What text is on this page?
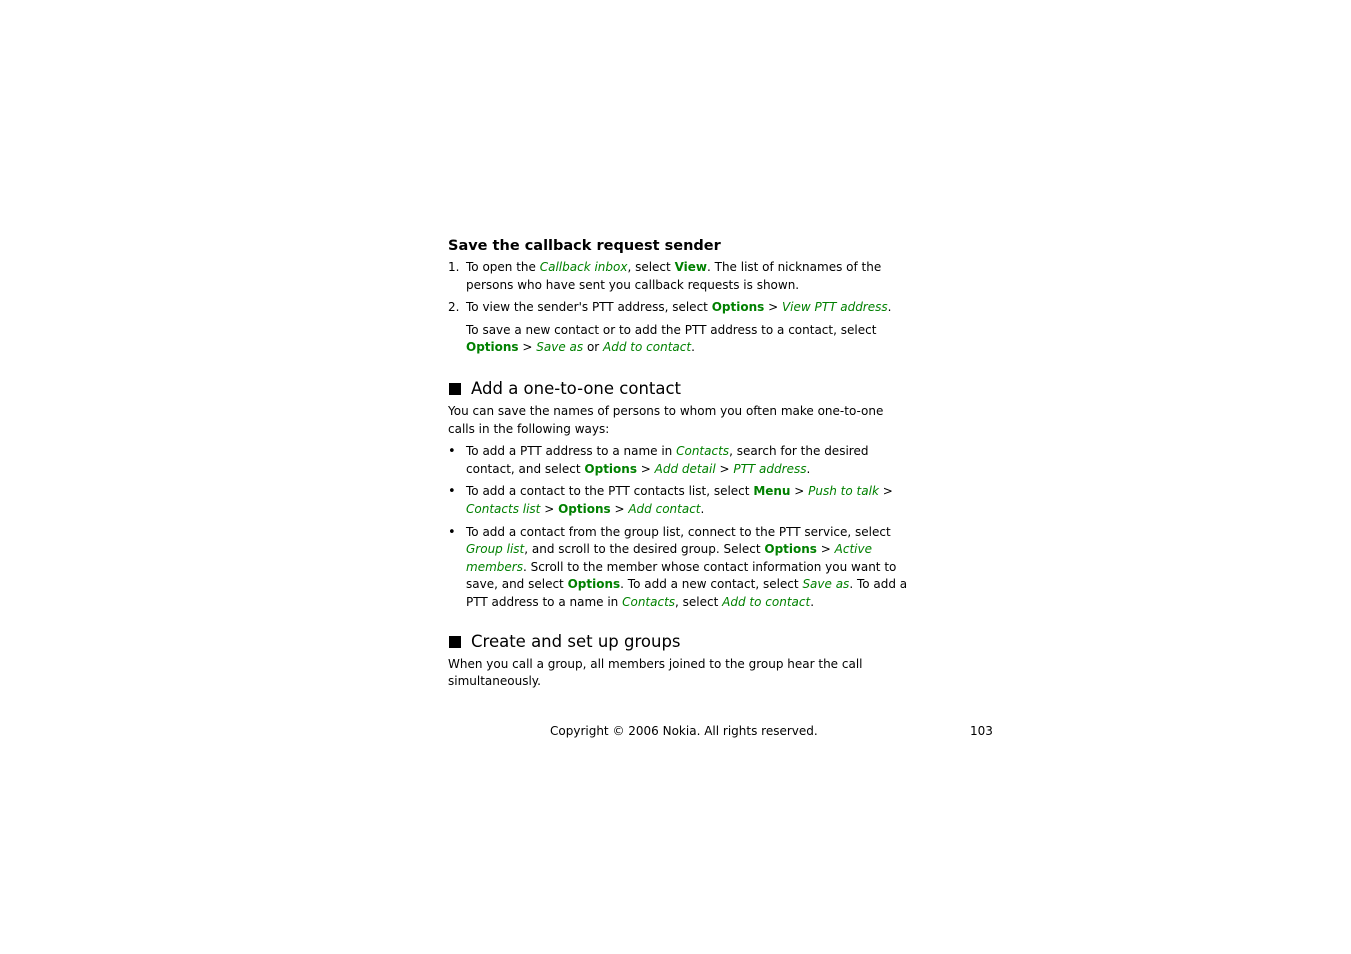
Save the callback request sender
1. To open the Callback inbox, select View. The list of nicknames of the persons who have sent you callback requests is shown.
2. To view the sender's PTT address, select Options > View PTT address.

To save a new contact or to add the PTT address to a contact, select Options > Save as or Add to contact.

Add a one-to-one contact

You can save the names of persons to whom you often make one-to-one calls in the following ways:

• To add a PTT address to a name in Contacts, search for the desired contact, and select Options > Add detail > PTT address.
• To add a contact to the PTT contacts list, select Menu > Push to talk > Contacts list > Options > Add contact.
• To add a contact from the group list, connect to the PTT service, select Group list, and scroll to the desired group. Select Options > Active members. Scroll to the member whose contact information you want to save, and select Options. To add a new contact, select Save as. To add a PTT address to a name in Contacts, select Add to contact.
Create and set up groups

When you call a group, all members joined to the group hear the call simultaneously.

Copyright © 2006 Nokia. All rights reserved.	103
